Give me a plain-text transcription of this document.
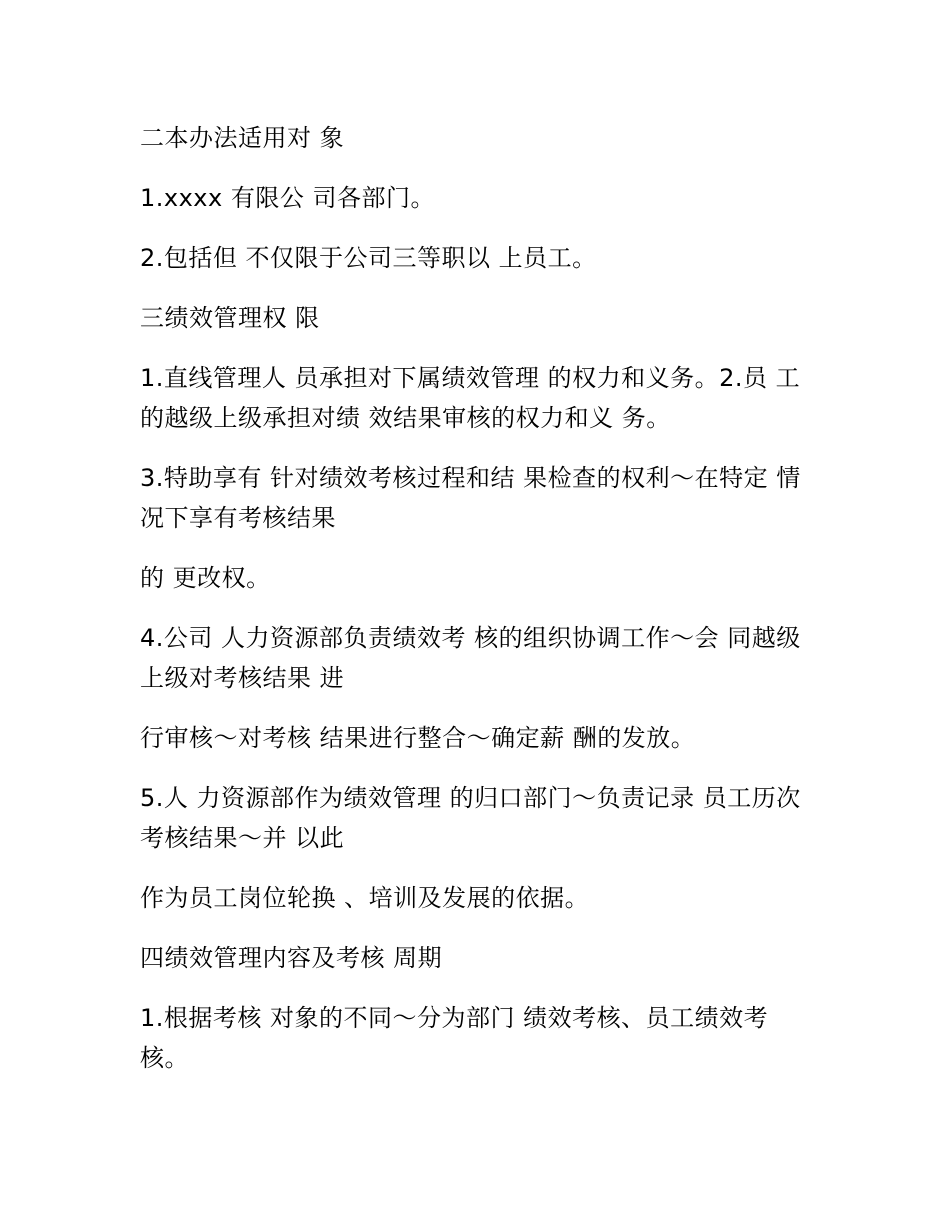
二本办法适用对 象

1.xxxx 有限公 司各部门。

2.包括但 不仅限于公司三等职以 上员工。

三绩效管理权 限

1.直线管理人 员承担对下属绩效管理 的权力和义务。2.员 工的越级上级承担对绩 效结果审核的权力和义 务。

3.特助享有 针对绩效考核过程和结 果检查的权利～在特定 情况下享有考核结果

的 更改权。

4.公司 人力资源部负责绩效考 核的组织协调工作～会 同越级上级对考核结果 进

行审核～对考核 结果进行整合～确定薪 酬的发放。

5.人 力资源部作为绩效管理 的归口部门～负责记录 员工历次考核结果～并 以此

作为员工岗位轮换 、培训及发展的依据。

四绩效管理内容及考核 周期

1.根据考核 对象的不同～分为部门 绩效考核、员工绩效考 核。
